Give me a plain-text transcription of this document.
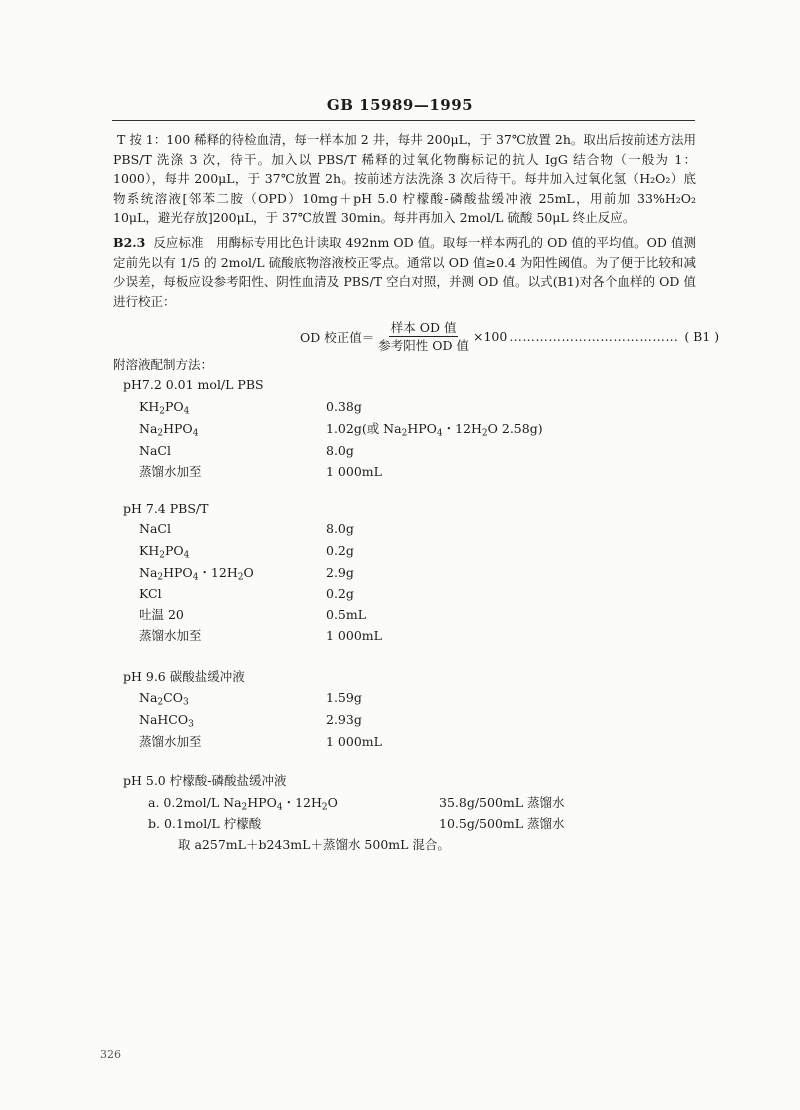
GB 15989—1995

T 按 1：100 稀释的待检血清，每一样本加 2 井，每井 200μL，于 37℃放置 2h。取出后按前述方法用 PBS/T 洗涤 3 次，待干。加入以 PBS/T 稀释的过氧化物酶标记的抗人 IgG 结合物（一般为 1：1000），每井 200μL，于 37℃放置 2h。按前述方法洗涤 3 次后待干。每井加入过氧化氢（H₂O₂）底物系统溶液[邻苯二胺（OPD）10mg＋pH 5.0 柠檬酸-磷酸盐缓冲液 25mL，用前加 33%H₂O₂ 10μL，避光存放]200μL，于 37℃放置 30min。每井再加入 2mol/L 硫酸 50μL 终止反应。

B2.3 反应标准　用酶标专用比色计读取 492nm OD 值。取每一样本两孔的 OD 值的平均值。OD 值测定前先以有 1/5 的 2mol/L 硫酸底物溶液校正零点。通常以 OD 值≥0.4 为阳性阈值。为了便于比较和减少误差，每板应设参考阳性、阴性血清及 PBS/T 空白对照，并测 OD 值。以式(B1)对各个血样的 OD 值进行校正：

OD 校正值＝ $\frac{\text{样本 OD 值}}{\text{参考阳性 OD 值}} \times 100$ ………………………………… ( B1 )
附溶液配制方法：
pH7.2 0.01 mol/L PBS
$KH_2PO_4$	0.38g
$Na_2HPO_4$	1.02g(或 $Na_2HPO_4$・$12H_2O$ 2.58g)
NaCl	8.0g
蒸馏水加至	1 000mL
pH 7.4 PBS/T
NaCl	8.0g
$KH_2PO_4$	0.2g
$Na_2HPO_4$・$12H_2O$	2.9g
KCl	0.2g
吐温 20	0.5mL
蒸馏水加至	1 000mL
pH 9.6 碳酸盐缓冲液
$Na_2CO_3$	1.59g
NaHCO$_3$	2.93g
蒸馏水加至	1 000mL
pH 5.0 柠檬酸-磷酸盐缓冲液
a. 0.2mol/L $Na_2HPO_4$・$12H_2O$	35.8g/500mL 蒸馏水
b. 0.1mol/L 柠檬酸	10.5g/500mL 蒸馏水
取 a257mL＋b243mL＋蒸馏水 500mL 混合。
326
